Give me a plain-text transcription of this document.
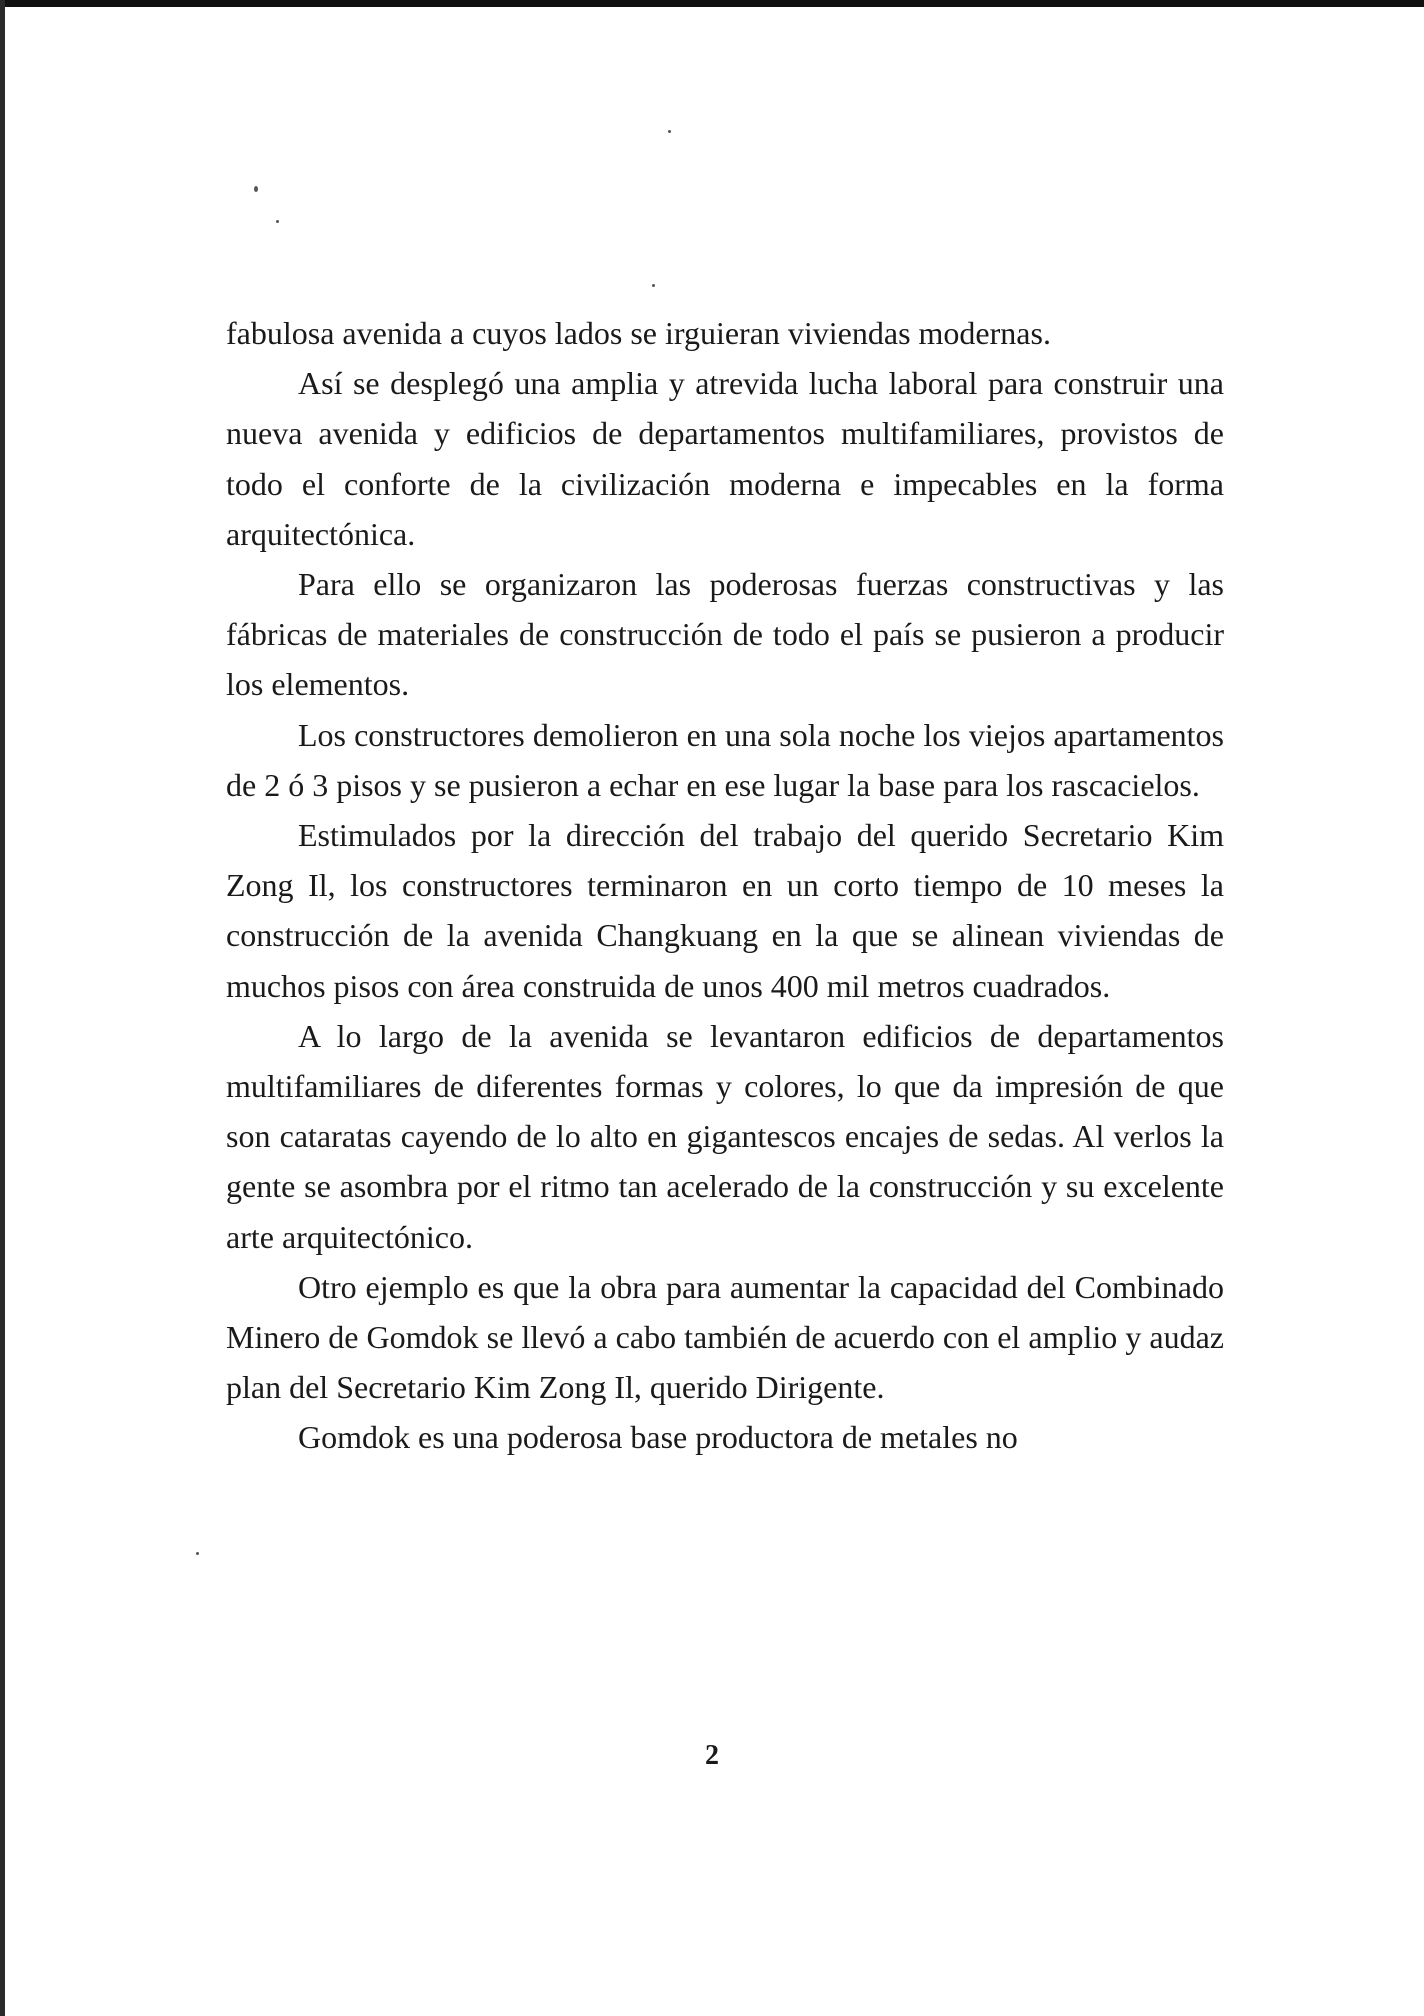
fabulosa avenida a cuyos lados se irguieran viviendas modernas.

Así se desplegó una amplia y atrevida lucha laboral para construir una nueva avenida y edificios de departamentos multifamiliares, provistos de todo el conforte de la civilización moderna e impecables en la forma arquitectónica.

Para ello se organizaron las poderosas fuerzas constructivas y las fábricas de materiales de construcción de todo el país se pusieron a producir los elementos.

Los constructores demolieron en una sola noche los viejos apartamentos de 2 ó 3 pisos y se pusieron a echar en ese lugar la base para los rascacielos.

Estimulados por la dirección del trabajo del querido Secretario Kim Zong Il, los constructores terminaron en un corto tiempo de 10 meses la construcción de la avenida Changkuang en la que se alinean viviendas de muchos pisos con área construida de unos 400 mil metros cuadrados.

A lo largo de la avenida se levantaron edificios de departamentos multifamiliares de diferentes formas y colores, lo que da impresión de que son cataratas cayendo de lo alto en gigantescos encajes de sedas. Al verlos la gente se asombra por el ritmo tan acelerado de la construcción y su excelente arte arquitectónico.

Otro ejemplo es que la obra para aumentar la capacidad del Combinado Minero de Gomdok se llevó a cabo también de acuerdo con el amplio y audaz plan del Secretario Kim Zong Il, querido Dirigente.

Gomdok es una poderosa base productora de metales no

2
